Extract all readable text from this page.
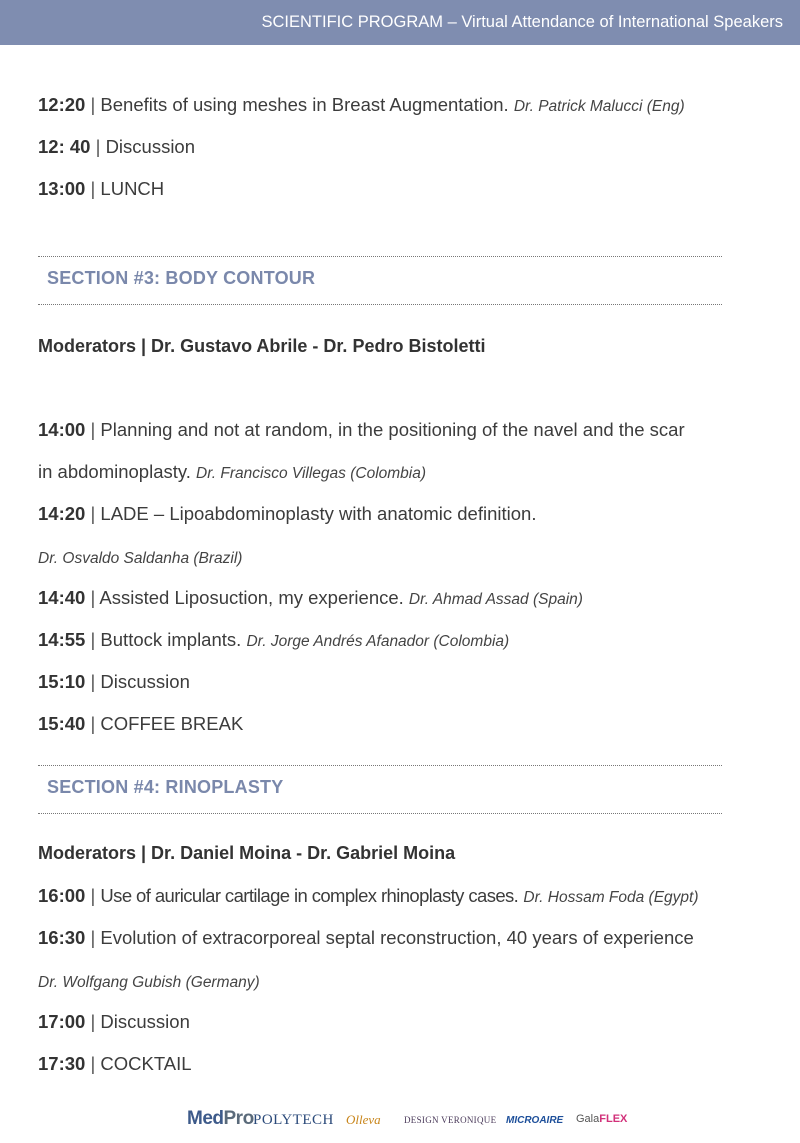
SCIENTIFIC PROGRAM – Virtual Attendance of International Speakers
12:20 | Benefits of using meshes in Breast Augmentation. Dr. Patrick Malucci (Eng)
12: 40 | Discussion
13:00 | LUNCH
SECTION #3: BODY CONTOUR
Moderators | Dr. Gustavo Abrile - Dr. Pedro Bistoletti
14:00 | Planning and not at random, in the positioning of the navel and the scar
in abdominoplasty. Dr. Francisco Villegas (Colombia)
14:20 | LADE – Lipoabdominoplasty with anatomic definition.
Dr. Osvaldo Saldanha (Brazil)
14:40 | Assisted Liposuction, my experience. Dr. Ahmad Assad (Spain)
14:55 | Buttock implants. Dr. Jorge Andrés Afanador (Colombia)
15:10 | Discussion
15:40 | COFFEE BREAK
SECTION #4: RINOPLASTY
Moderators | Dr. Daniel Moina - Dr. Gabriel Moina
16:00 | Use of auricular cartilage in complex rhinoplasty cases. Dr. Hossam Foda (Egypt)
16:30 | Evolution of extracorporeal septal reconstruction, 40 years of experience
Dr. Wolfgang Gubish (Germany)
17:00 | Discussion
17:30 | COCKTAIL
MedPro POLYTECH Olleva	DESIGN VERONIQUE MICROAIRE GalaFLEX
